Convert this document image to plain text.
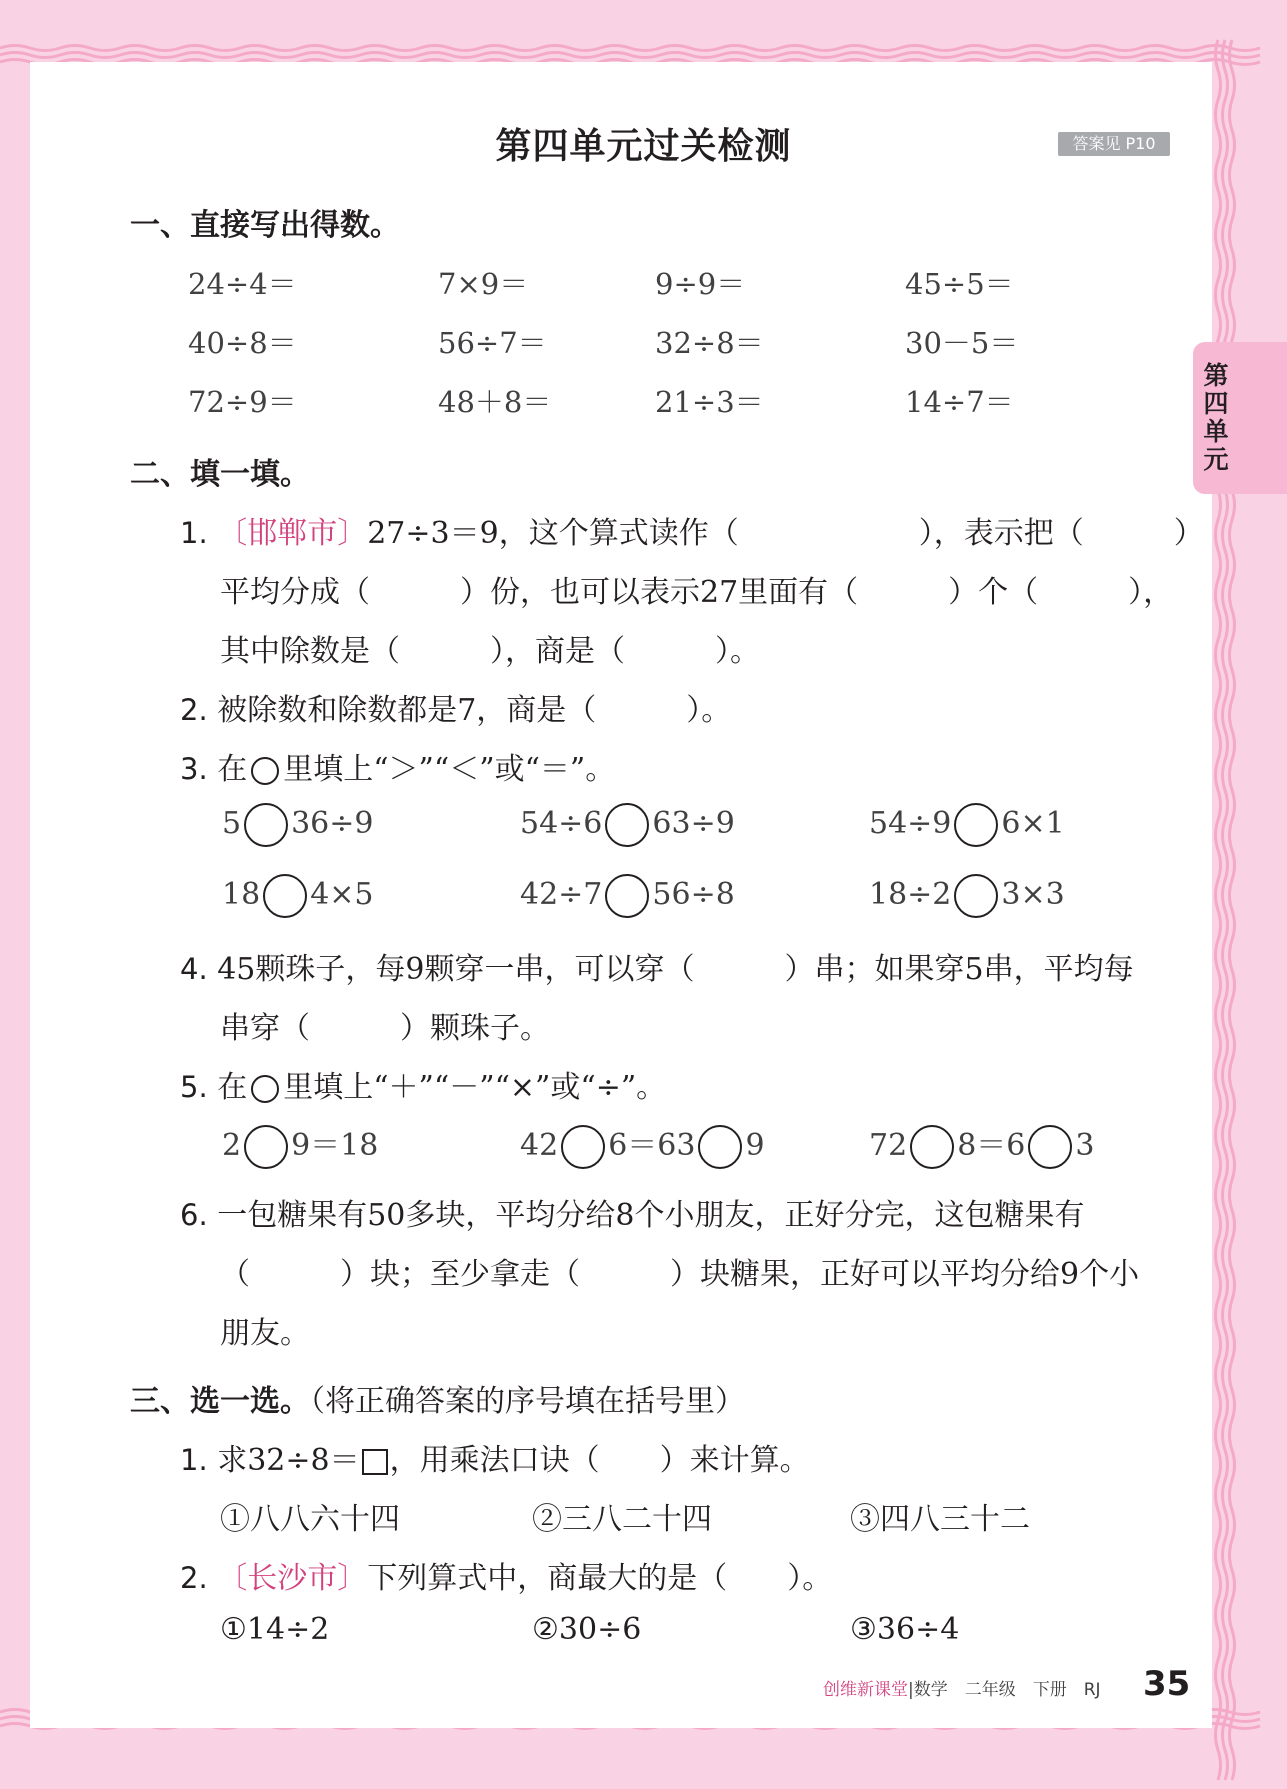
第四单元过关检测	答案见 P10
第四单元
一、直接写出得数。
24÷4＝	7×9＝	9÷9＝	45÷5＝
40÷8＝	56÷7＝	32÷8＝	30－5＝
72÷9＝	48＋8＝	21÷3＝	14÷7＝
二、填一填。
1. 〔邯郸市〕27÷3＝9，这个算式读作（　　　　　　），表示把（　　　）
平均分成（　　　）份，也可以表示27里面有（　　　）个（　　　），
其中除数是（　　　），商是（　　　）。
2. 被除数和除数都是7，商是（　　　）。
3. 在 里填上“＞”“＜”或“＝”。
5 36÷9	54÷6 63÷9	54÷9 6×1
18 4×5	42÷7 56÷8	18÷2 3×3
4. 45颗珠子，每9颗穿一串，可以穿（　　　）串；如果穿5串，平均每
串穿（　　　）颗珠子。
5. 在 里填上“＋”“－”“×”或“÷”。
2 9＝18	42 6＝63 9	72 8＝6 3
6. 一包糖果有50多块，平均分给8个小朋友，正好分完，这包糖果有
（　　　）块；至少拿走（　　　）块糖果，正好可以平均分给9个小
朋友。
三、选一选。（将正确答案的序号填在括号里）
1. 求32÷8＝ ，用乘法口诀（　　）来计算。
①八八六十四	②三八二十四	③四八三十二
2. 〔长沙市〕下列算式中，商最大的是（　　）。
①14÷2	②30÷6	③36÷4
创维新课堂|数学　二年级　下册　RJ 35
